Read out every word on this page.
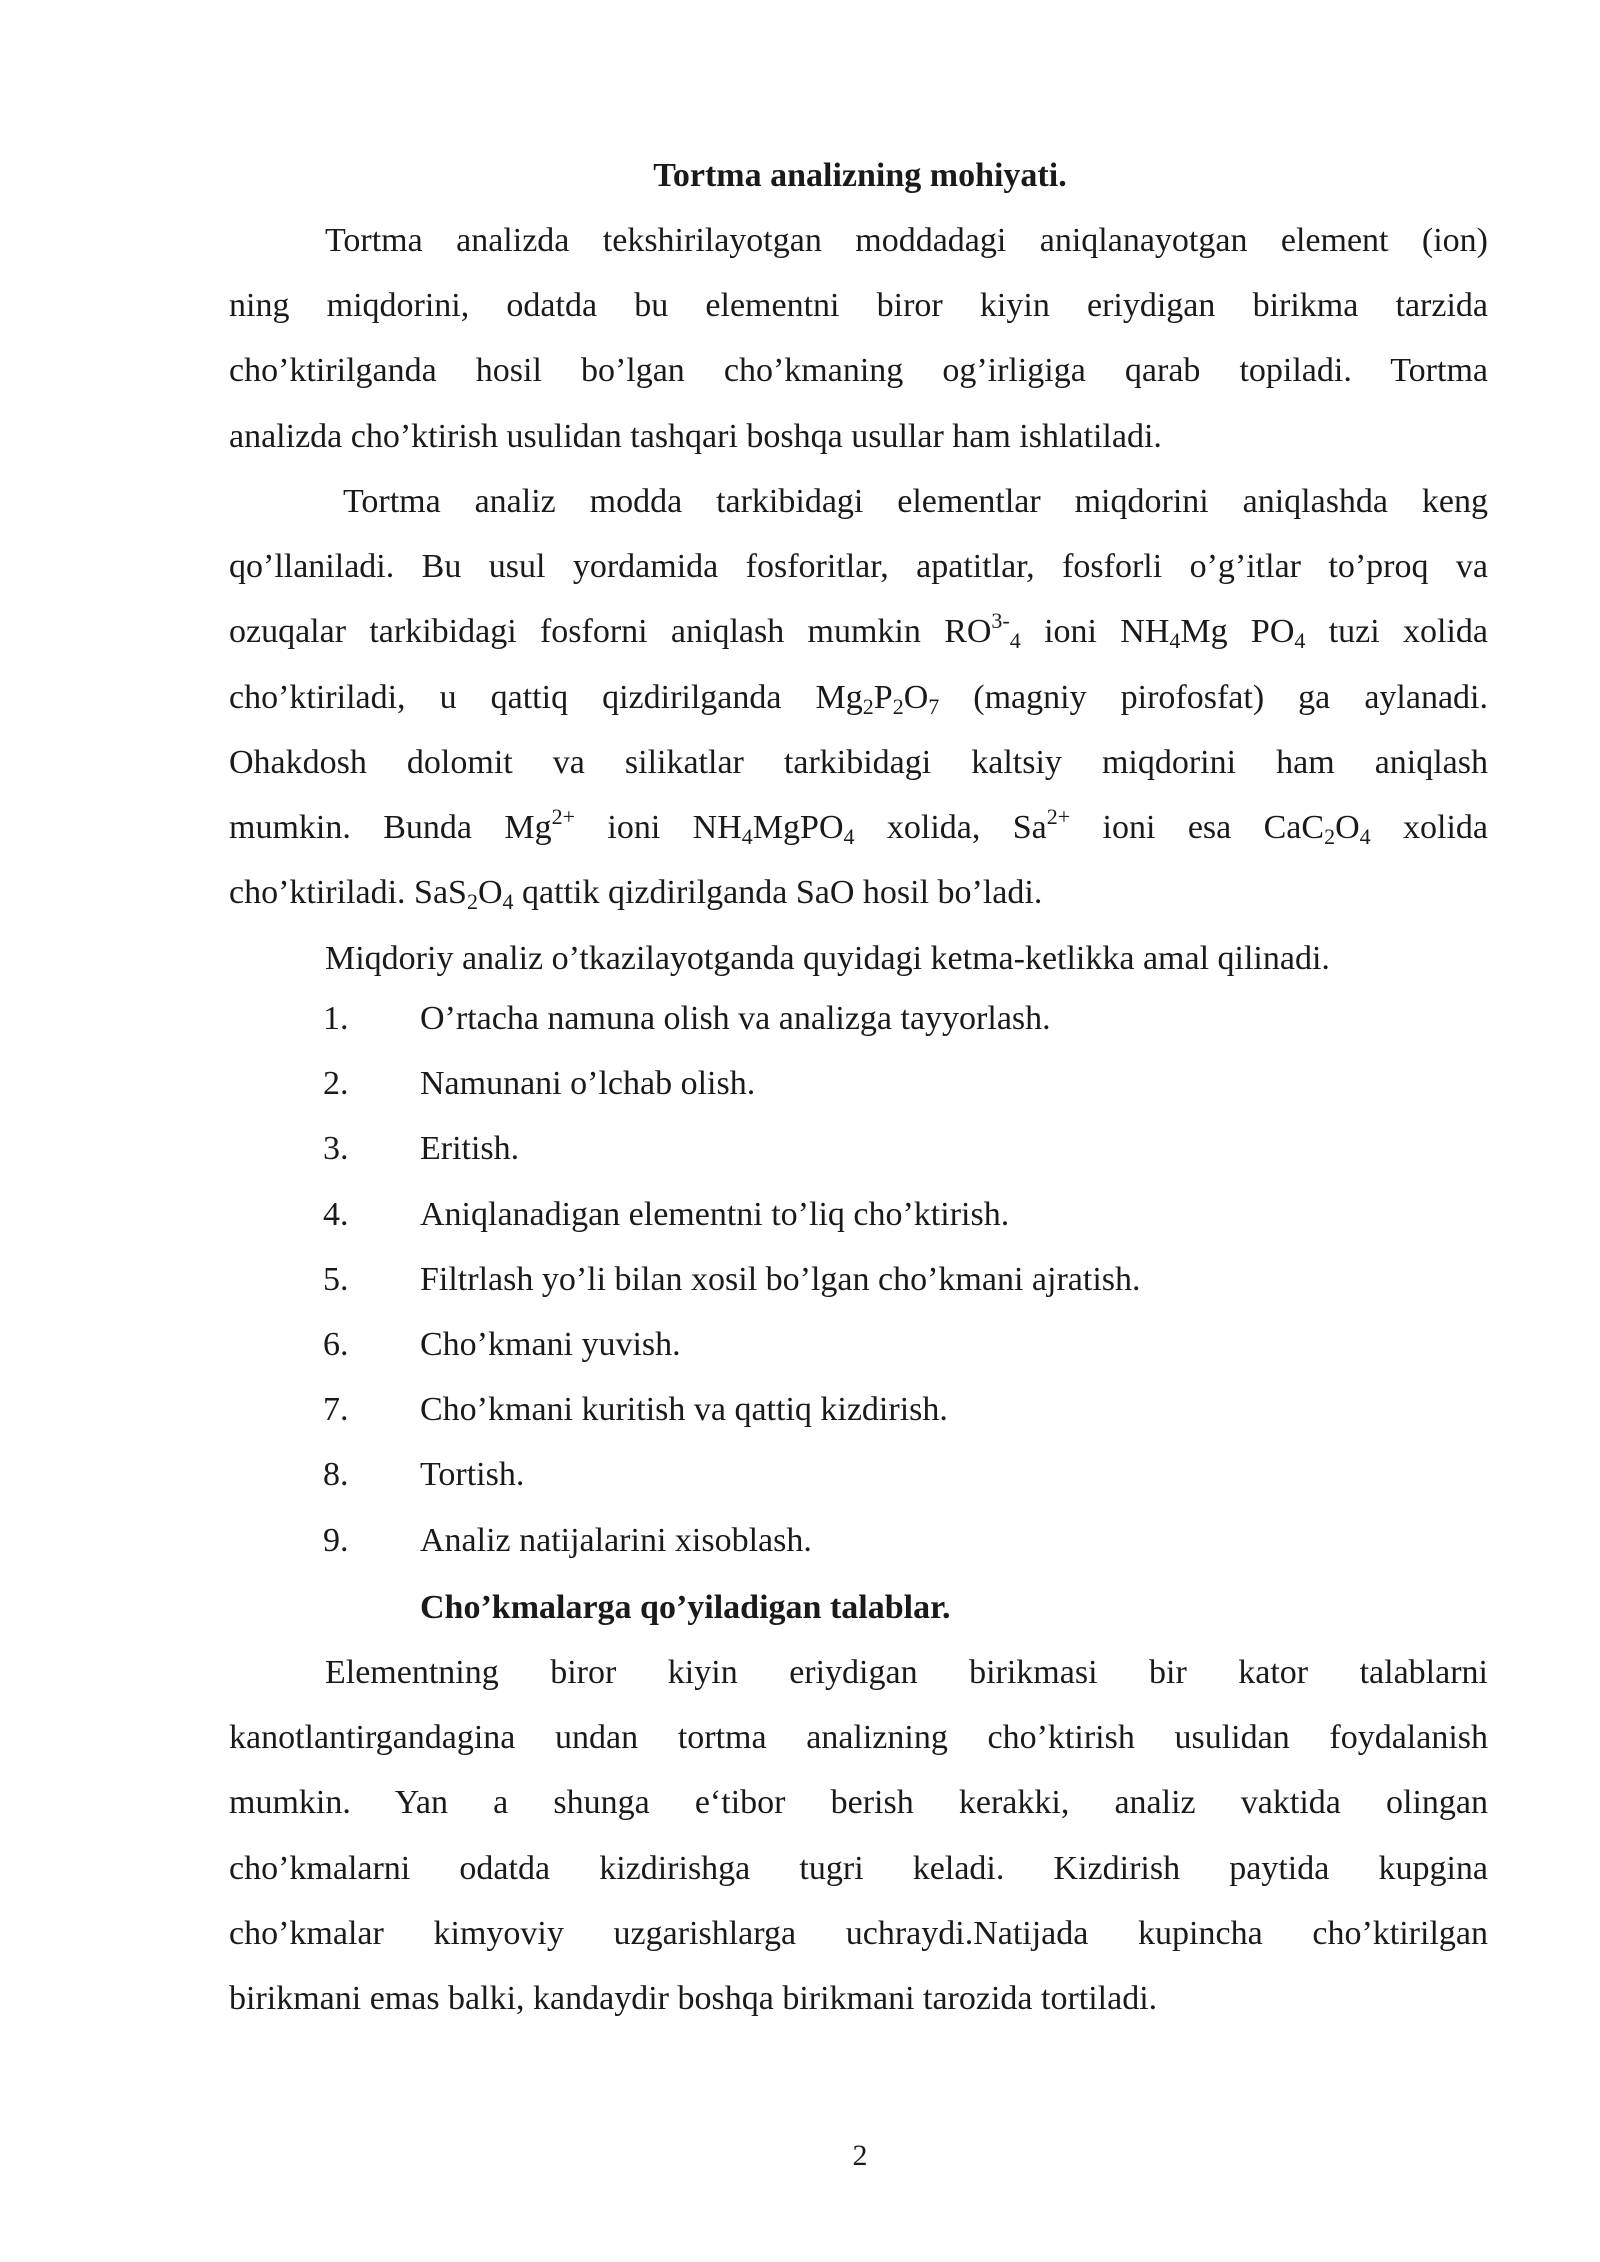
Tortma analizning mohiyati.
Tortma analizda tekshirilayotgan moddadagi aniqlanayotgan element (ion)
ning miqdorini, odatda bu elementni biror kiyin eriydigan birikma tarzida
cho’ktirilganda hosil bo’lgan cho’kmaning og’irligiga qarab topiladi. Tortma
analizda cho’ktirish usulidan tashqari boshqa usullar ham ishlatiladi.
Tortma analiz modda tarkibidagi elementlar miqdorini aniqlashda keng
qo’llaniladi. Bu usul yordamida fosforitlar, apatitlar, fosforli o’g’itlar to’proq va
ozuqalar tarkibidagi fosforni aniqlash mumkin $RO^{3-}_4$ ioni $NH_4Mg$ $PO_4$ tuzi xolida
cho’ktiriladi, u qattiq qizdirilganda $Mg_2P_2O_7$ (magniy pirofosfat) ga aylanadi.
Ohakdosh dolomit va silikatlar tarkibidagi kaltsiy miqdorini ham aniqlash
mumkin. Bunda $Mg^{2+}$ ioni $NH_4MgPO_4$ xolida, $Sa^{2+}$ ioni esa $CaC_2O_4$ xolida
cho’ktiriladi. $SaS_2O_4$ qattik qizdirilganda SaO hosil bo’ladi.
Miqdoriy analiz o’tkazilayotganda quyidagi ketma-ketlikka amal qilinadi.
1. O’rtacha namuna olish va analizga tayyorlash.
2. Namunani o’lchab olish.
3. Eritish.
4. Aniqlanadigan elementni to’liq cho’ktirish.
5. Filtrlash yo’li bilan xosil bo’lgan cho’kmani ajratish.
6. Cho’kmani yuvish.
7. Cho’kmani kuritish va qattiq kizdirish.
8. Tortish.
9. Analiz natijalarini xisoblash.
Cho’kmalarga qo’yiladigan talablar.
Elementning biror kiyin eriydigan birikmasi bir kator talablarni
kanotlantirgandagina undan tortma analizning cho’ktirish usulidan foydalanish
mumkin. Yan a shunga e‘tibor berish kerakki, analiz vaktida olingan
cho’kmalarni odatda kizdirishga tugri keladi. Kizdirish paytida kupgina
cho’kmalar kimyoviy uzgarishlarga uchraydi.Natijada kupincha cho’ktirilgan
birikmani emas balki, kandaydir boshqa birikmani tarozida tortiladi.
2
